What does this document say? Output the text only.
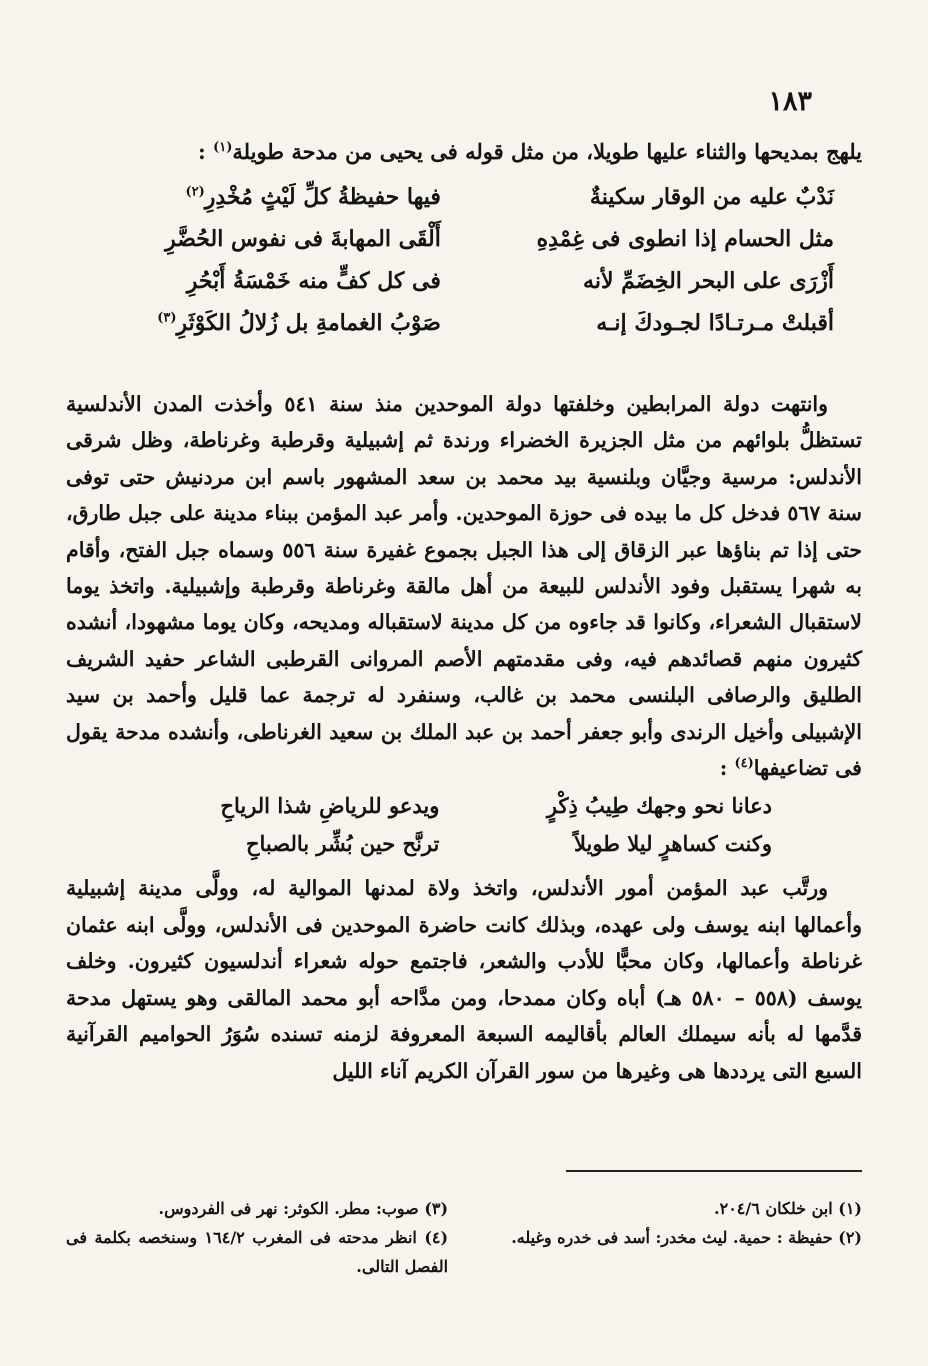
١٨٣
يلهج بمديحها والثناء عليها طويلا، من مثل قوله فى يحيى من مدحة طويلة$^{(١)}$ :
نَدْبٌ عليه من الوقار سكينةٌ
فيها حفيظةُ كلِّ لَيْثٍ مُخْدِرِ$^{(٢)}$
مثل الحسام إذا انطوى فى غِمْدِهِ
أَلْقَى المهابةَ فى نفوس الحُضَّرِ
أَزْرَى على البحر الخِضَمِّ لأنه
فى كل كفٍّ منه خَمْسَةُ أَبْحُرِ
أقبلتْ مـرتـادًا لجـودكَ إنـه
صَوْبُ الغمامةِ بل زُلالُ الكَوْثَرِ$^{(٣)}$
وانتهت دولة المرابطين وخلفتها دولة الموحدين منذ سنة ٥٤١ وأخذت المدن الأندلسية تستظلُّ بلوائهم من مثل الجزيرة الخضراء ورندة ثم إشبيلية وقرطبة وغرناطة، وظل شرقى الأندلس: مرسية وجيَّان وبلنسية بيد محمد بن سعد المشهور باسم ابن مردنيش حتى توفى سنة ٥٦٧ فدخل كل ما بيده فى حوزة الموحدين. وأمر عبد المؤمن ببناء مدينة على جبل طارق، حتى إذا تم بناؤها عبر الزقاق إلى هذا الجبل بجموع غفيرة سنة ٥٥٦ وسماه جبل الفتح، وأقام به شهرا يستقبل وفود الأندلس للبيعة من أهل مالقة وغرناطة وقرطبة وإشبيلية. واتخذ يوما لاستقبال الشعراء، وكانوا قد جاءوه من كل مدينة لاستقباله ومديحه، وكان يوما مشهودا، أنشده كثيرون منهم قصائدهم فيه، وفى مقدمتهم الأصم المروانى القرطبى الشاعر حفيد الشريف الطليق والرصافى البلنسى محمد بن غالب، وسنفرد له ترجمة عما قليل وأحمد بن سيد الإشبيلى وأخيل الرندى وأبو جعفر أحمد بن عبد الملك بن سعيد الغرناطى، وأنشده مدحة يقول فى تضاعيفها$^{(٤)}$ :
دعانا نحو وجهك طِيبُ ذِكْرٍ
ويدعو للرياضِ شذا الرياحِ
وكنت كساهرٍ ليلا طويلاً
ترنَّح حين بُشِّر بالصباحِ
ورتَّب عبد المؤمن أمور الأندلس، واتخذ ولاة لمدنها الموالية له، وولَّى مدينة إشبيلية وأعمالها ابنه يوسف ولى عهده، وبذلك كانت حاضرة الموحدين فى الأندلس، وولَّى ابنه عثمان غرناطة وأعمالها، وكان محبًّا للأدب والشعر، فاجتمع حوله شعراء أندلسيون كثيرون. وخلف يوسف (٥٥٨ – ٥٨٠ هـ) أباه وكان ممدحا، ومن مدَّاحه أبو محمد المالقى وهو يستهل مدحة قدَّمها له بأنه سيملك العالم بأقاليمه السبعة المعروفة لزمنه تسنده سُوَرُ الحواميم القرآنية السبع التى يرددها هى وغيرها من سور القرآن الكريم آناء الليل

(١) ابن خلكان ٢٠٤/٦.

(٢) حفيظة : حمية. ليث مخدر: أسد فى خدره وغيله.

(٣) صوب: مطر. الكوثر: نهر فى الفردوس.

(٤) انظر مدحته فى المغرب ١٦٤/٢ وسنخصه بكلمة فى الفصل التالى.
